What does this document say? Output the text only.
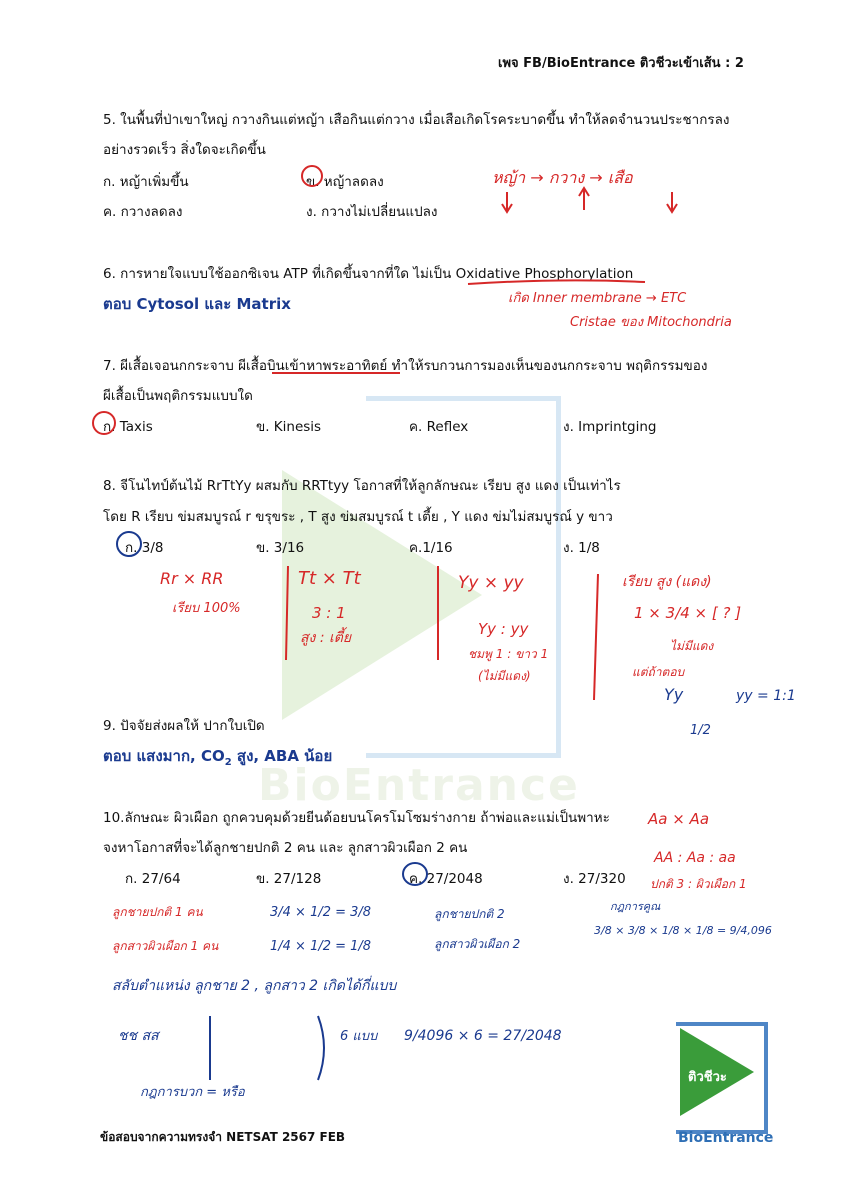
BioEntrance
เพจ FB/BioEntrance ติวชีวะเข้าเส้น : 2
5. ในพื้นที่ป่าเขาใหญ่ กวางกินแต่หญ้า เสือกินแต่กวาง เมื่อเสือเกิดโรคระบาดขึ้น ทำให้ลดจำนวนประชากรลง
อย่างรวดเร็ว สิ่งใดจะเกิดขึ้น
ก. หญ้าเพิ่มขึ้น	ข. หญ้าลดลง
ค. กวางลดลง	ง. กวางไม่เปลี่ยนแปลง
6. การหายใจแบบใช้ออกซิเจน ATP ที่เกิดขึ้นจากที่ใด ไม่เป็น Oxidative Phosphorylation
ตอบ Cytosol และ Matrix
7. ผีเสื้อเจอนกกระจาบ ผีเสื้อบินเข้าหาพระอาทิตย์ ทำให้รบกวนการมองเห็นของนกกระจาบ พฤติกรรมของ
ผีเสื้อเป็นพฤติกรรมแบบใด
ก. Taxis	ข. Kinesis	ค. Reflex	ง. Imprintging
8. จีโนไทป์ต้นไม้ RrTtYy ผสมกับ RRTtyy โอกาสที่ให้ลูกลักษณะ เรียบ สูง แดง เป็นเท่าไร
โดย R เรียบ ข่มสมบูรณ์ r ขรุขระ , T สูง ข่มสมบูรณ์ t เตี้ย , Y แดง ข่มไม่สมบูรณ์ y ขาว
ก. 3/8	ข. 3/16	ค.1/16	ง. 1/8
9. ปัจจัยส่งผลให้ ปากใบเปิด
ตอบ แสงมาก, $CO_2$ สูง, ABA น้อย
10.ลักษณะ ผิวเผือก ถูกควบคุมด้วยยีนด้อยบนโครโมโซมร่างกาย ถ้าพ่อและแม่เป็นพาหะ
จงหาโอกาสที่จะได้ลูกชายปกติ 2 คน และ ลูกสาวผิวเผือก 2 คน
ก. 27/64	ข. 27/128	ค. 27/2048	ง. 27/320
ข้อสอบจากความทรงจำ NETSAT 2567 FEB
ติวชีวะ
BioEntrance
หญ้า → กวาง → เสือ
เกิด Inner membrane → ETC
Cristae ของ Mitochondria
Rr × RR
เรียบ 100%
Tt × Tt
3 : 1
สูง : เตี้ย
Yy × yy
Yy : yy
ชมพู 1 : ขาว 1
(ไม่มีแดง)
เรียบ สูง (แดง)
1 × 3/4 × [ ? ]
ไม่มีแดง
แต่ถ้าตอบ
Yy	yy = 1:1
1/2
Aa × Aa
AA : Aa : aa
ปกติ 3 : ผิวเผือก 1
ลูกชายปกติ 1 คน	3/4 × 1/2 = 3/8
ลูกสาวผิวเผือก 1 คน	1/4 × 1/2 = 1/8
ลูกชายปกติ 2
ลูกสาวผิวเผือก 2
กฎการคูณ
3/8 × 3/8 × 1/8 × 1/8 = 9/4,096
สลับตำแหน่ง ลูกชาย 2 , ลูกสาว 2 เกิดได้กี่แบบ
ชช สส	6 แบบ 9/4096 × 6 = 27/2048
กฎการบวก = หรือ
